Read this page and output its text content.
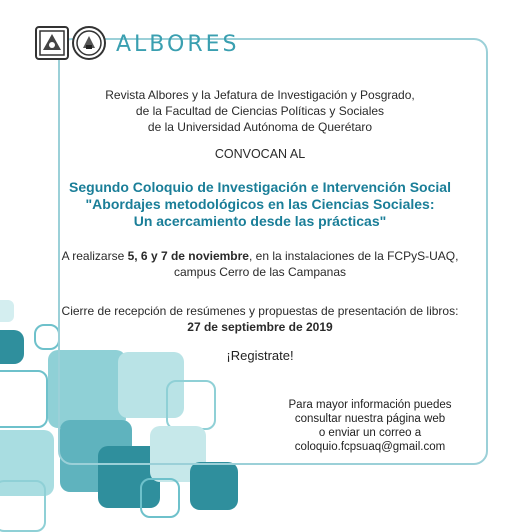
ALBORES
Revista Albores y la Jefatura de Investigación y Posgrado,
de la Facultad de Ciencias Políticas y Sociales
de la Universidad Autónoma de Querétaro
CONVOCAN AL
Segundo Coloquio de Investigación e Intervención Social
"Abordajes metodológicos en las Ciencias Sociales:
Un acercamiento desde las prácticas"
A realizarse 5, 6 y 7 de noviembre, en la instalaciones de la FCPyS-UAQ,
campus Cerro de las Campanas
Cierre de recepción de resúmenes y propuestas de presentación de libros:
27 de septiembre de 2019
¡Registrate!
Para mayor información puedes
consultar nuestra página web
o enviar un correo a
coloquio.fcpsuaq@gmail.com
